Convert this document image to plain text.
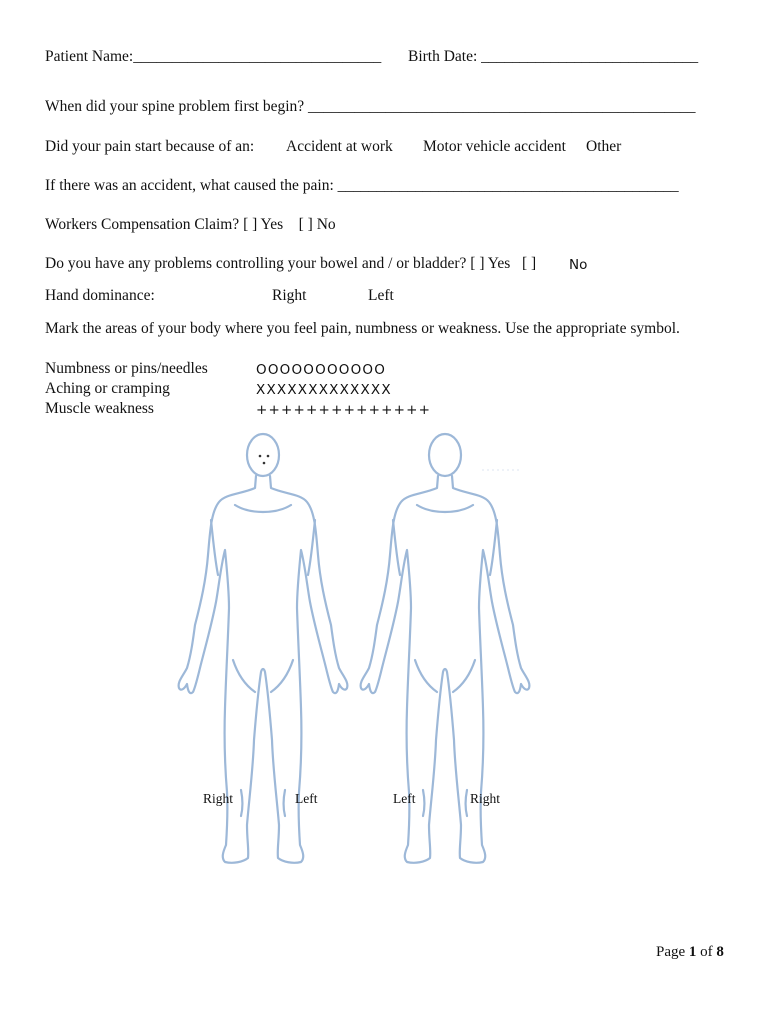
Patient Name:________________________________ Birth Date: ____________________________
When did your spine problem first begin? __________________________________________________
Did your pain start because of an: Accident at work Motor vehicle accident Other
If there was an accident, what caused the pain: ____________________________________________
Workers Compensation Claim? [ ] Yes    [ ] No
Do you have any problems controlling your bowel and / or bladder? [ ] Yes   [ ] No
Hand dominance:	Right	Left
Mark the areas of your body where you feel pain, numbness or weakness. Use the appropriate symbol.
Numbness or pins/needles	OOOOOOOOOOO
Aching or cramping	XXXXXXXXXXXXX
Muscle weakness	++++++++++++++
Right	Left	Left	Right
Page 1 of 8
